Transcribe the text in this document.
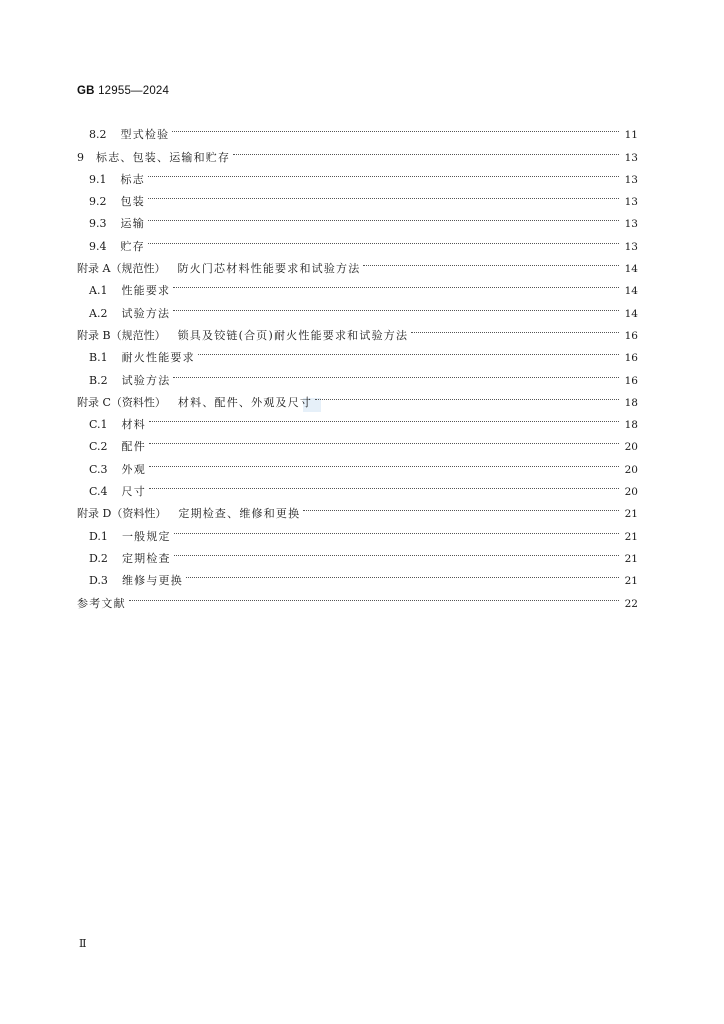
GB 12955—2024
8.2 型式检验	11
9 标志、包装、运输和贮存	13
9.1 标志	13
9.2 包装	13
9.3 运输	13
9.4 贮存	13
附录 A（规范性） 防火门芯材料性能要求和试验方法	14
A.1 性能要求	14
A.2 试验方法	14
附录 B（规范性） 锁具及铰链(合页)耐火性能要求和试验方法	16
B.1 耐火性能要求	16
B.2 试验方法	16
附录 C（资料性） 材料、配件、外观及尺寸	18
C.1 材料	18
C.2 配件	20
C.3 外观	20
C.4 尺寸	20
附录 D（资料性） 定期检查、维修和更换	21
D.1 一般规定	21
D.2 定期检查	21
D.3 维修与更换	21
参考文献	22
Ⅱ
